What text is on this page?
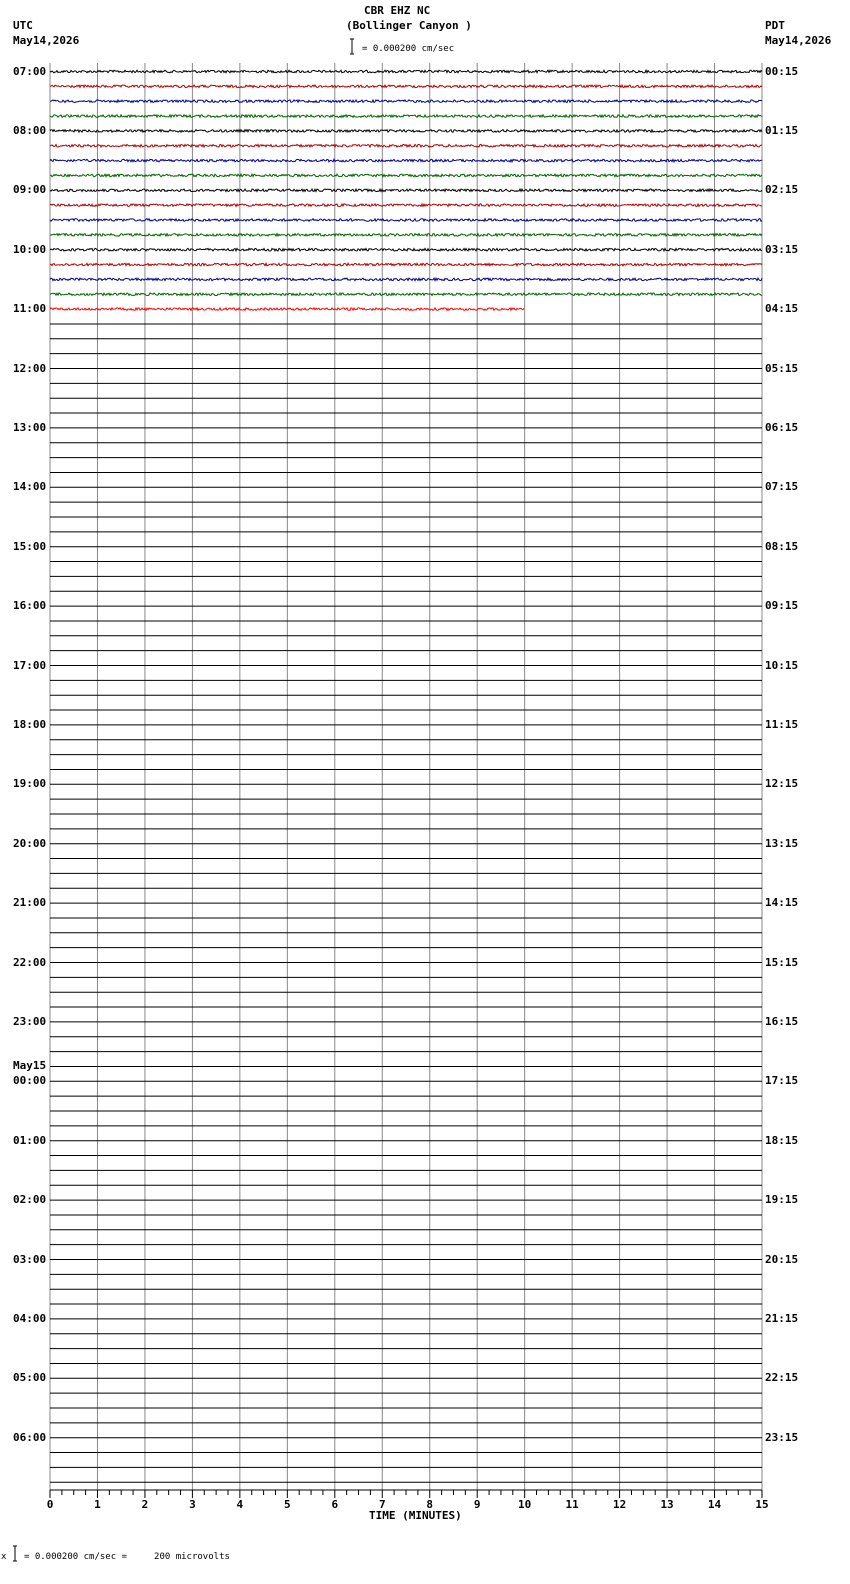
0	1	2	3	4	5	6	7	8	9	10	11	12	13	14	15
CBR EHZ NC
(Bollinger Canyon )
= 0.000200 cm/sec
UTC
May14,2026
PDT
May14,2026
07:00
08:00
09:00
10:00
11:00
12:00
13:00
14:00
15:00
16:00
17:00
18:00
19:00
20:00
21:00
22:00
23:00
00:00
01:00
02:00
03:00
04:00
05:00
06:00
May15
00:15
01:15
02:15
03:15
04:15
05:15
06:15
07:15
08:15
09:15
10:15
11:15
12:15
13:15
14:15
15:15
16:15
17:15
18:15
19:15
20:15
21:15
22:15
23:15
TIME (MINUTES)
x = 0.000200 cm/sec =     200 microvolts
